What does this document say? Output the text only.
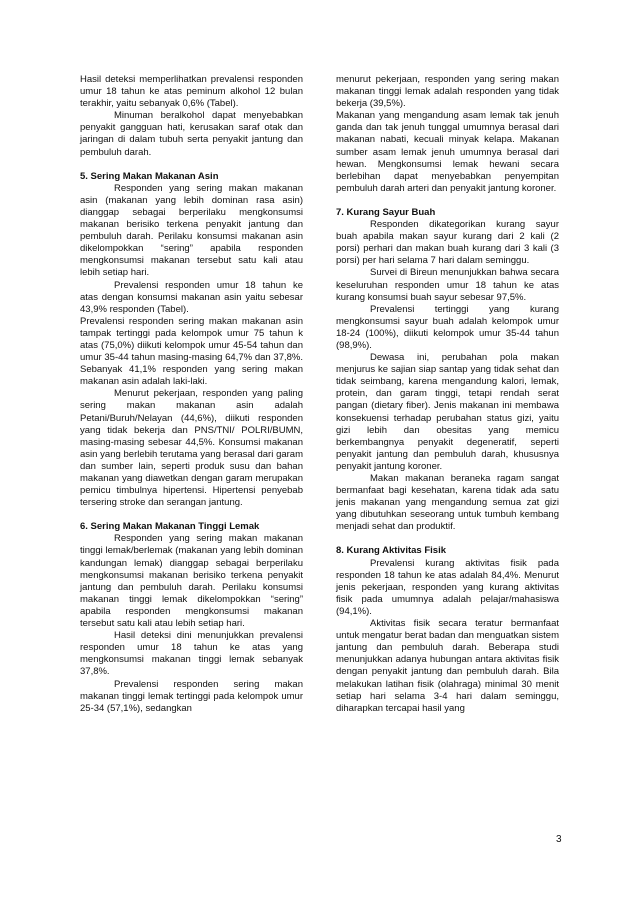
Hasil deteksi memperlihatkan prevalensi responden umur 18 tahun ke atas peminum alkohol 12 bulan terakhir, yaitu sebanyak 0,6% (Tabel).

Minuman beralkohol dapat menyebabkan penyakit gangguan hati, kerusakan saraf otak dan jaringan di dalam tubuh serta penyakit jantung dan pembuluh darah.

5. Sering Makan Makanan Asin

Responden yang sering makan makanan asin (makanan yang lebih dominan rasa asin) dianggap sebagai berperilaku mengkonsumsi makanan berisiko terkena penyakit jantung dan pembuluh darah. Perilaku konsumsi makanan asin dikelompokkan “sering” apabila responden mengkonsumsi makanan tersebut satu kali atau lebih setiap hari.

Prevalensi responden umur 18 tahun ke atas dengan konsumsi makanan asin yaitu sebesar 43,9% responden (Tabel).

Prevalensi responden sering makan makanan asin tampak tertinggi pada kelompok umur 75 tahun k atas (75,0%) diikuti kelompok umur 45-54 tahun dan umur 35-44 tahun masing-masing 64,7% dan 37,8%. Sebanyak 41,1% responden yang sering makan makanan asin adalah laki-laki.

Menurut pekerjaan, responden yang paling sering makan makanan asin adalah Petani/Buruh/Nelayan (44,6%), diikuti responden yang tidak bekerja dan PNS/TNI/ POLRI/BUMN, masing-masing sebesar 44,5%. Konsumsi makanan asin yang berlebih terutama yang berasal dari garam dan sumber lain, seperti produk susu dan bahan makanan yang diawetkan dengan garam merupakan pemicu timbulnya hipertensi. Hipertensi penyebab tersering stroke dan serangan jantung.

6. Sering Makan Makanan Tinggi Lemak

Responden yang sering makan makanan tinggi lemak/berlemak (makanan yang lebih dominan kandungan lemak) dianggap sebagai berperilaku mengkonsumsi makanan berisiko terkena penyakit jantung dan pembuluh darah. Perilaku konsumsi makanan tinggi lemak dikelompokkan “sering” apabila responden mengkonsumsi makanan tersebut satu kali atau lebih setiap hari.

Hasil deteksi dini menunjukkan prevalensi responden umur 18 tahun ke atas yang mengkonsumsi makanan tinggi lemak sebanyak 37,8%.

Prevalensi responden sering makan makanan tinggi lemak tertinggi pada kelompok umur 25-34 (57,1%), sedangkan

menurut pekerjaan, responden yang sering makan makanan tinggi lemak adalah responden yang tidak bekerja (39,5%).

Makanan yang mengandung asam lemak tak jenuh ganda dan tak jenuh tunggal umumnya berasal dari makanan nabati, kecuali minyak kelapa. Makanan sumber asam lemak jenuh umumnya berasal dari hewan. Mengkonsumsi lemak hewani secara berlebihan dapat menyebabkan penyempitan pembuluh darah arteri dan penyakit jantung koroner.

7. Kurang Sayur Buah

Responden dikategorikan kurang sayur buah apabila makan sayur kurang dari 2 kali (2 porsi) perhari dan makan buah kurang dari 3 kali (3 porsi) per hari selama 7 hari dalam seminggu.

Survei di Bireun menunjukkan bahwa secara keseluruhan responden umur 18 tahun ke atas kurang konsumsi buah sayur sebesar 97,5%.

Prevalensi tertinggi yang kurang mengkonsumsi sayur buah adalah kelompok umur 18-24 (100%), diikuti kelompok umur 35-44 tahun (98,9%).

Dewasa ini, perubahan pola makan menjurus ke sajian siap santap yang tidak sehat dan tidak seimbang, karena mengandung kalori, lemak, protein, dan garam tinggi, tetapi rendah serat pangan (dietary fiber). Jenis makanan ini membawa konsekuensi terhadap perubahan status gizi, yaitu gizi lebih dan obesitas yang memicu berkembangnya penyakit degeneratif, seperti penyakit jantung dan pembuluh darah, khususnya penyakit jantung koroner.

Makan makanan beraneka ragam sangat bermanfaat bagi kesehatan, karena tidak ada satu jenis makanan yang mengandung semua zat gizi yang dibutuhkan seseorang untuk tumbuh kembang menjadi sehat dan produktif.

8. Kurang Aktivitas Fisik

Prevalensi kurang aktivitas fisik pada responden 18 tahun ke atas adalah 84,4%. Menurut jenis pekerjaan, responden yang kurang aktivitas fisik pada umumnya adalah pelajar/mahasiswa (94,1%).

Aktivitas fisik secara teratur bermanfaat untuk mengatur berat badan dan menguatkan sistem jantung dan pembuluh darah. Beberapa studi menunjukkan adanya hubungan antara aktivitas fisik dengan penyakit jantung dan pembuluh darah. Bila melakukan latihan fisik (olahraga) minimal 30 menit setiap hari selama 3-4 hari dalam seminggu, diharapkan tercapai hasil yang

3
